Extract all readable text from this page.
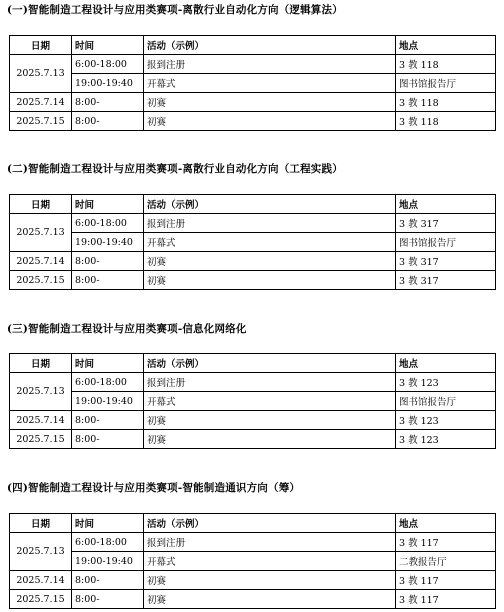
(一)智能制造工程设计与应用类赛项-离散行业自动化方向（逻辑算法）
日期	时间	活动（示例）	地点
2025.7.13	6:00-18:00	报到注册	3 教 118
	19:00-19:40	开幕式	图书馆报告厅
2025.7.14	8:00-	初赛	3 教 118
2025.7.15	8:00-	初赛	3 教 118
(二)智能制造工程设计与应用类赛项-离散行业自动化方向（工程实践）
日期	时间	活动（示例）	地点
2025.7.13	6:00-18:00	报到注册	3 教 317
	19:00-19:40	开幕式	图书馆报告厅
2025.7.14	8:00-	初赛	3 教 317
2025.7.15	8:00-	初赛	3 教 317
(三)智能制造工程设计与应用类赛项-信息化网络化
日期	时间	活动（示例）	地点
2025.7.13	6:00-18:00	报到注册	3 教 123
	19:00-19:40	开幕式	图书馆报告厅
2025.7.14	8:00-	初赛	3 教 123
2025.7.15	8:00-	初赛	3 教 123
(四)智能制造工程设计与应用类赛项-智能制造通识方向（筹）
日期	时间	活动（示例）	地点
2025.7.13	6:00-18:00	报到注册	3 教 117
	19:00-19:40	开幕式	二教报告厅
2025.7.14	8:00-	初赛	3 教 117
2025.7.15	8:00-	初赛	3 教 117
